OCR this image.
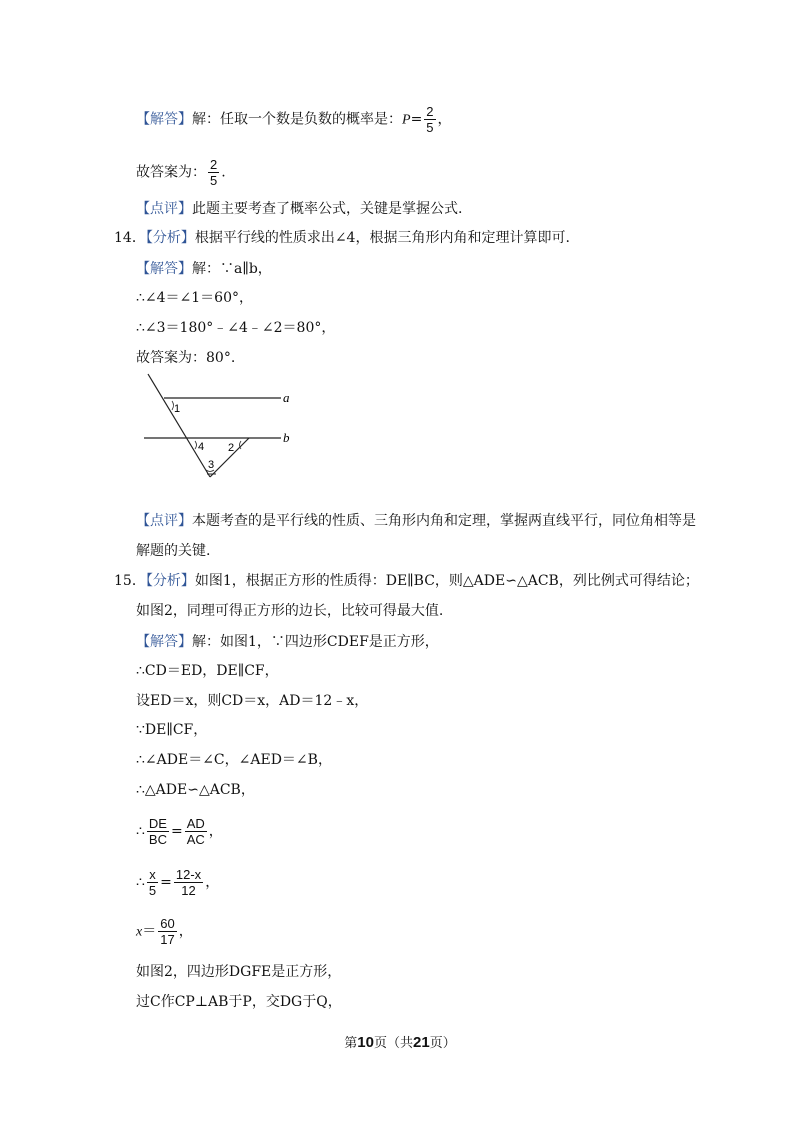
【解答】解：任取一个数是负数的概率是：$P= \frac{2}{5}$ ，
故答案为： $\frac{2}{5}$ .
【点评】此题主要考查了概率公式，关键是掌握公式.
14．【分析】根据平行线的性质求出∠4，根据三角形内角和定理计算即可.
【解答】解：∵a∥b，
∴∠4＝∠1＝60°，
∴∠3＝180°﹣∠4﹣∠2＝80°，
故答案为：80°.
a
b
1
4 2
3
【点评】本题考查的是平行线的性质、三角形内角和定理，掌握两直线平行，同位角相等是
解题的关键.
15．【分析】如图1，根据正方形的性质得：DE∥BC，则△ADE∽△ACB，列比例式可得结论；
如图2，同理可得正方形的边长，比较可得最大值.
【解答】解：如图1，∵四边形CDEF是正方形，
∴CD＝ED，DE∥CF，
设ED＝x，则CD＝x，AD＝12﹣x，
∵DE∥CF，
∴∠ADE＝∠C，∠AED＝∠B，
∴△ADE∽△ACB，
∴ $\frac{DE}{BC} = \frac{AD}{AC}$ ，
∴ $\frac{x}{5} = \frac{12-x}{12}$ ，
$x= \frac{60}{17}$ ，
如图2，四边形DGFE是正方形，
过C作CP⊥AB于P，交DG于Q，
第10页（共21页）
